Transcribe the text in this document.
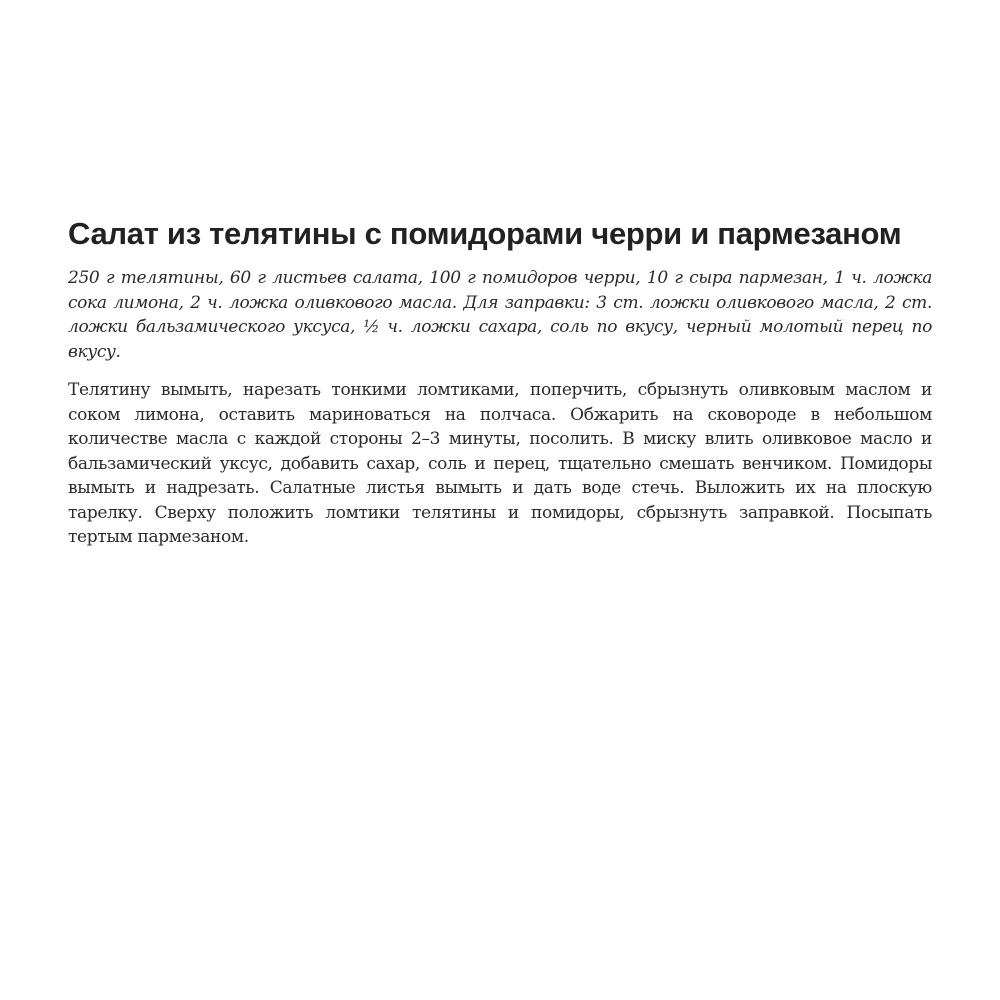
Салат из телятины с помидорами черри и пармезаном

250 г телятины, 60 г листьев салата, 100 г помидоров черри, 10 г сыра пармезан, 1 ч. ложка сока лимона, 2 ч. ложка оливкового масла. Для заправки: 3 ст. ложки оливкового масла, 2 ст. ложки бальзамического уксуса, ½ ч. ложки сахара, соль по вкусу, черный молотый перец по вкусу.

Телятину вымыть, нарезать тонкими ломтиками, поперчить, сбрызнуть оливковым маслом и соком лимона, оставить мариноваться на полчаса. Обжарить на сковороде в небольшом количестве масла с каждой стороны 2–3 минуты, посолить. В миску влить оливковое масло и бальзамический уксус, добавить сахар, соль и перец, тщательно смешать венчиком. Помидоры вымыть и надрезать. Салатные листья вымыть и дать воде стечь. Выложить их на плоскую тарелку. Сверху положить ломтики телятины и помидоры, сбрызнуть заправкой. Посыпать тертым пармезаном.
